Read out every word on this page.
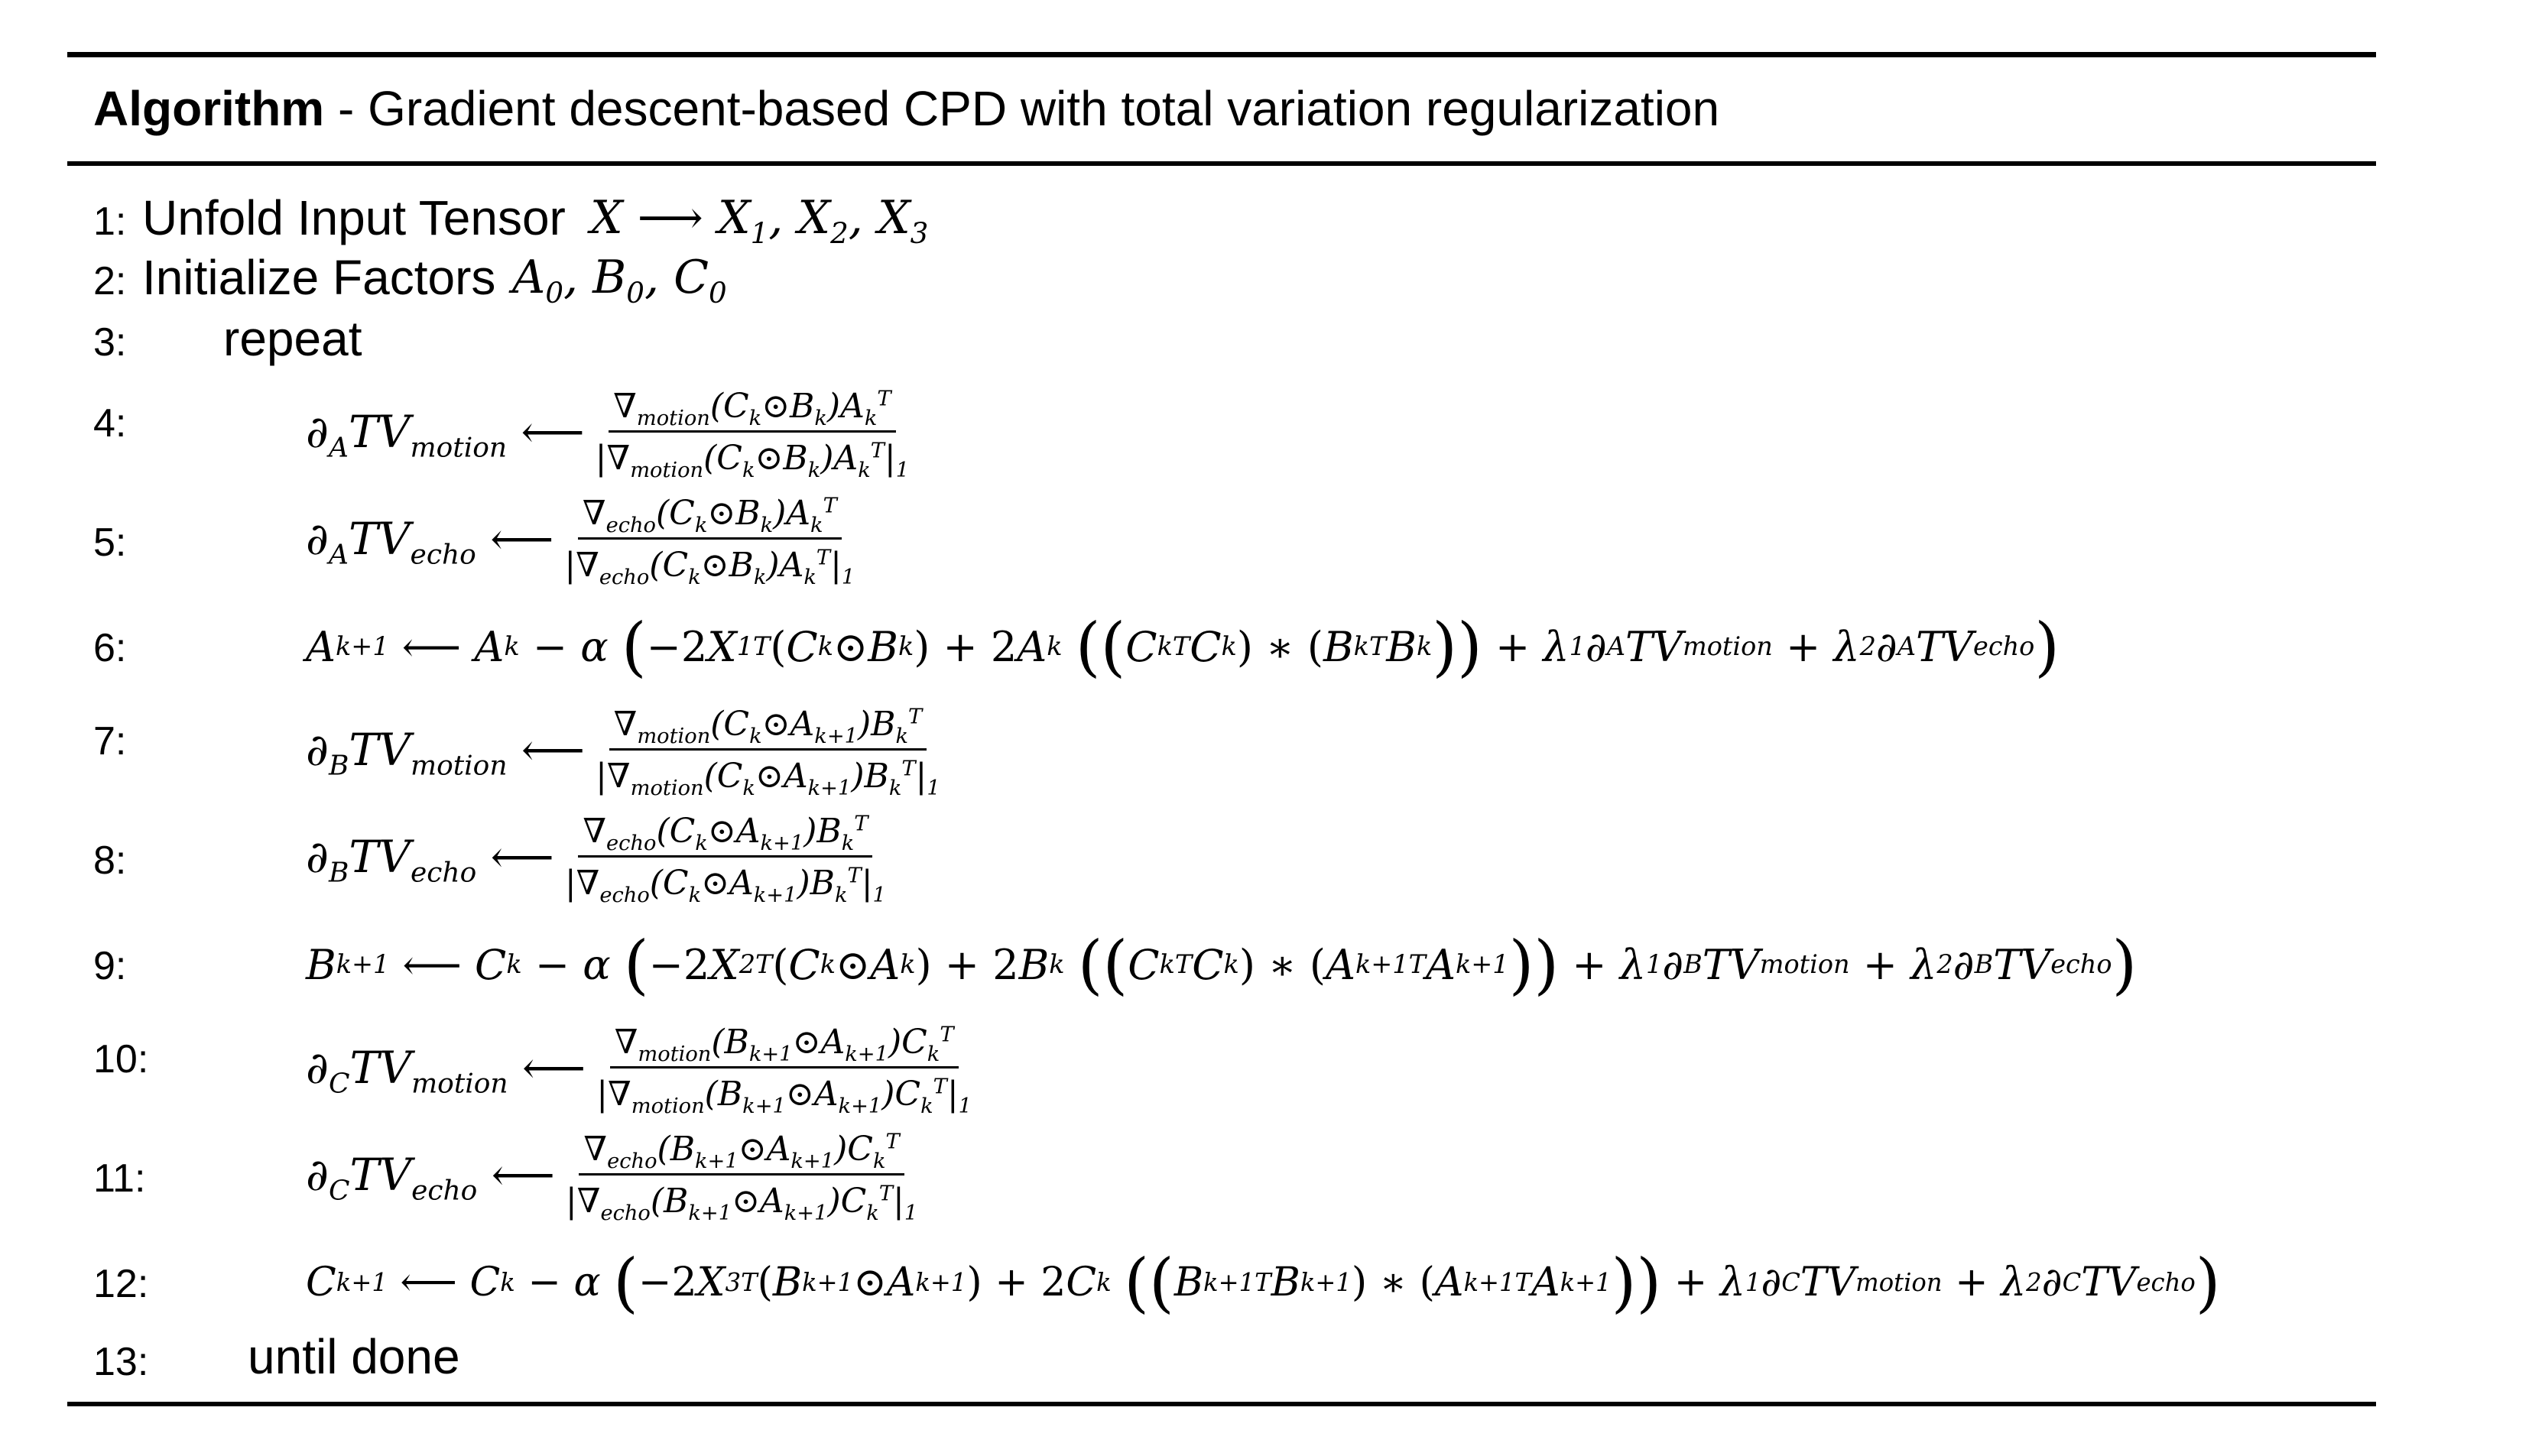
Algorithm - Gradient descent-based CPD with total variation regularization
1: Unfold Input Tensor X ⟶ $X_1$, $X_2$, $X_3$
2: Initialize Factors $A_0$, $B_0$, $C_0$
3: repeat
4:	$\partial_ATV_{motion}$ ⟵ $\frac{\nabla_{motion}(C_k⊙B_k)A_k^T}{|\nabla_{motion}(C_k⊙B_k)A_k^T|_1}$
5:	$\partial_ATV_{echo}$ ⟵ $\frac{\nabla_{echo}(C_k⊙B_k)A_k^T}{|\nabla_{echo}(C_k⊙B_k)A_k^T|_1}$
6:	A k+1 ⟵ A k
− α ( −2 X 1 T ( C k ⊙B k ) + 2 A k
( ( C k T C k ) ∗ ( B k T B k ) ) + λ 1 ∂ A TV motion + λ 2 ∂ A TV echo )
7:	$\partial_BTV_{motion}$ ⟵ $\frac{\nabla_{motion}(C_k⊙A_{k+1})B_k^T}{|\nabla_{motion}(C_k⊙A_{k+1})B_k^T|_1}$
8:	$\partial_BTV_{echo}$ ⟵ $\frac{\nabla_{echo}(C_k⊙A_{k+1})B_k^T}{|\nabla_{echo}(C_k⊙A_{k+1})B_k^T|_1}$
9:	B k+1 ⟵ C k
− α ( −2 X 2 T ( C k ⊙A k ) + 2 B k
( ( C k T C k ) ∗ ( A k+1 T A k+1 ) ) + λ 1 ∂ B TV motion + λ 2 ∂ B TV echo )
10:	$\partial_CTV_{motion}$ ⟵ $\frac{\nabla_{motion}(B_{k+1}⊙A_{k+1})C_k^T}{|\nabla_{motion}(B_{k+1}⊙A_{k+1})C_k^T|_1}$
11:	$\partial_CTV_{echo}$ ⟵ $\frac{\nabla_{echo}(B_{k+1}⊙A_{k+1})C_k^T}{|\nabla_{echo}(B_{k+1}⊙A_{k+1})C_k^T|_1}$
12:	C k+1 ⟵ C k
− α ( −2 X 3 T ( B k+1 ⊙A k+1 ) + 2 C k
( ( B k+1 T B k+1 ) ∗ ( A k+1 T A k+1 ) ) + λ 1 ∂ C TV motion + λ 2 ∂ C TV echo )
13: until done
